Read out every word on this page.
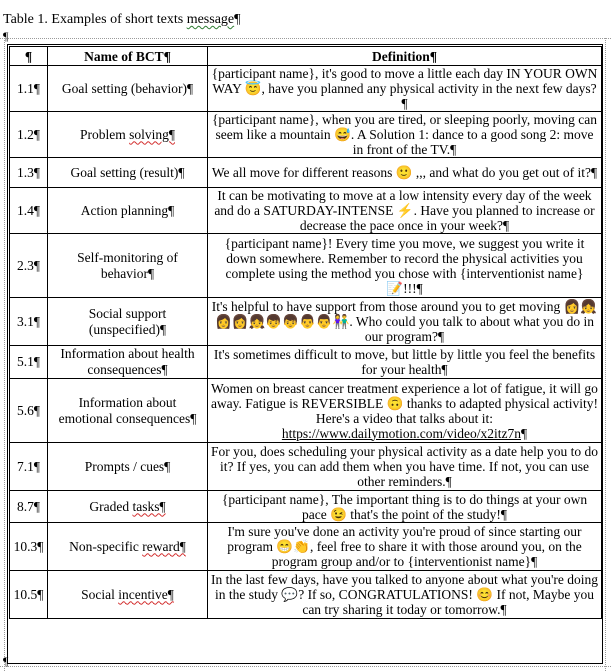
Table 1. Examples of short texts message¶
¶
¶	Name of BCT¶	Definition¶
1.1¶	Goal setting (behavior)¶	{participant name}, it's good to move a little each day IN YOUR OWN WAY 😇, have you planned any physical activity in the next few days?¶
1.2¶	Problem solving¶	{participant name}, when you are tired, or sleeping poorly, moving can seem like a mountain 😅. A Solution 1: dance to a good song 2: move in front of the TV.¶
1.3¶	Goal setting (result)¶	We all move for different reasons 🙂 ,,, and what do you get out of it?¶
1.4¶	Action planning¶	It can be motivating to move at a low intensity every day of the week and do a SATURDAY-INTENSE ⚡. Have you planned to increase or decrease the pace once in your week?¶
2.3¶	Self-monitoring of behavior¶	{participant name}! Every time you move, we suggest you write it down somewhere. Remember to record the physical activities you complete using the method you chose with {interventionist name} 📝!!!¶
3.1¶	Social support (unspecified)¶	It's helpful to have support from those around you to get moving 👩👧👩👩👧👦👦👨👨👫. Who could you talk to about what you do in our program?¶
5.1¶	Information about health consequences¶	It's sometimes difficult to move, but little by little you feel the benefits for your health¶
5.6¶	Information about emotional consequences¶	Women on breast cancer treatment experience a lot of fatigue, it will go away. Fatigue is REVERSIBLE 🙃 thanks to adapted physical activity! Here's a video that talks about it: https://www.dailymotion.com/video/x2itz7n¶
7.1¶	Prompts / cues¶	For you, does scheduling your physical activity as a date help you to do it? If yes, you can add them when you have time. If not, you can use other reminders.¶
8.7¶	Graded tasks¶	{participant name}, The important thing is to do things at your own pace 😉 that's the point of the study!¶
10.3¶	Non-specific reward¶	I'm sure you've done an activity you're proud of since starting our program 😁👏, feel free to share it with those around you, on the program group and/or to {interventionist name}¶
10.5¶	Social incentive¶	In the last few days, have you talked to anyone about what you're doing in the study 💬? If so, CONGRATULATIONS! 😊 If not, Maybe you can try sharing it today or tomorrow.¶
¶
